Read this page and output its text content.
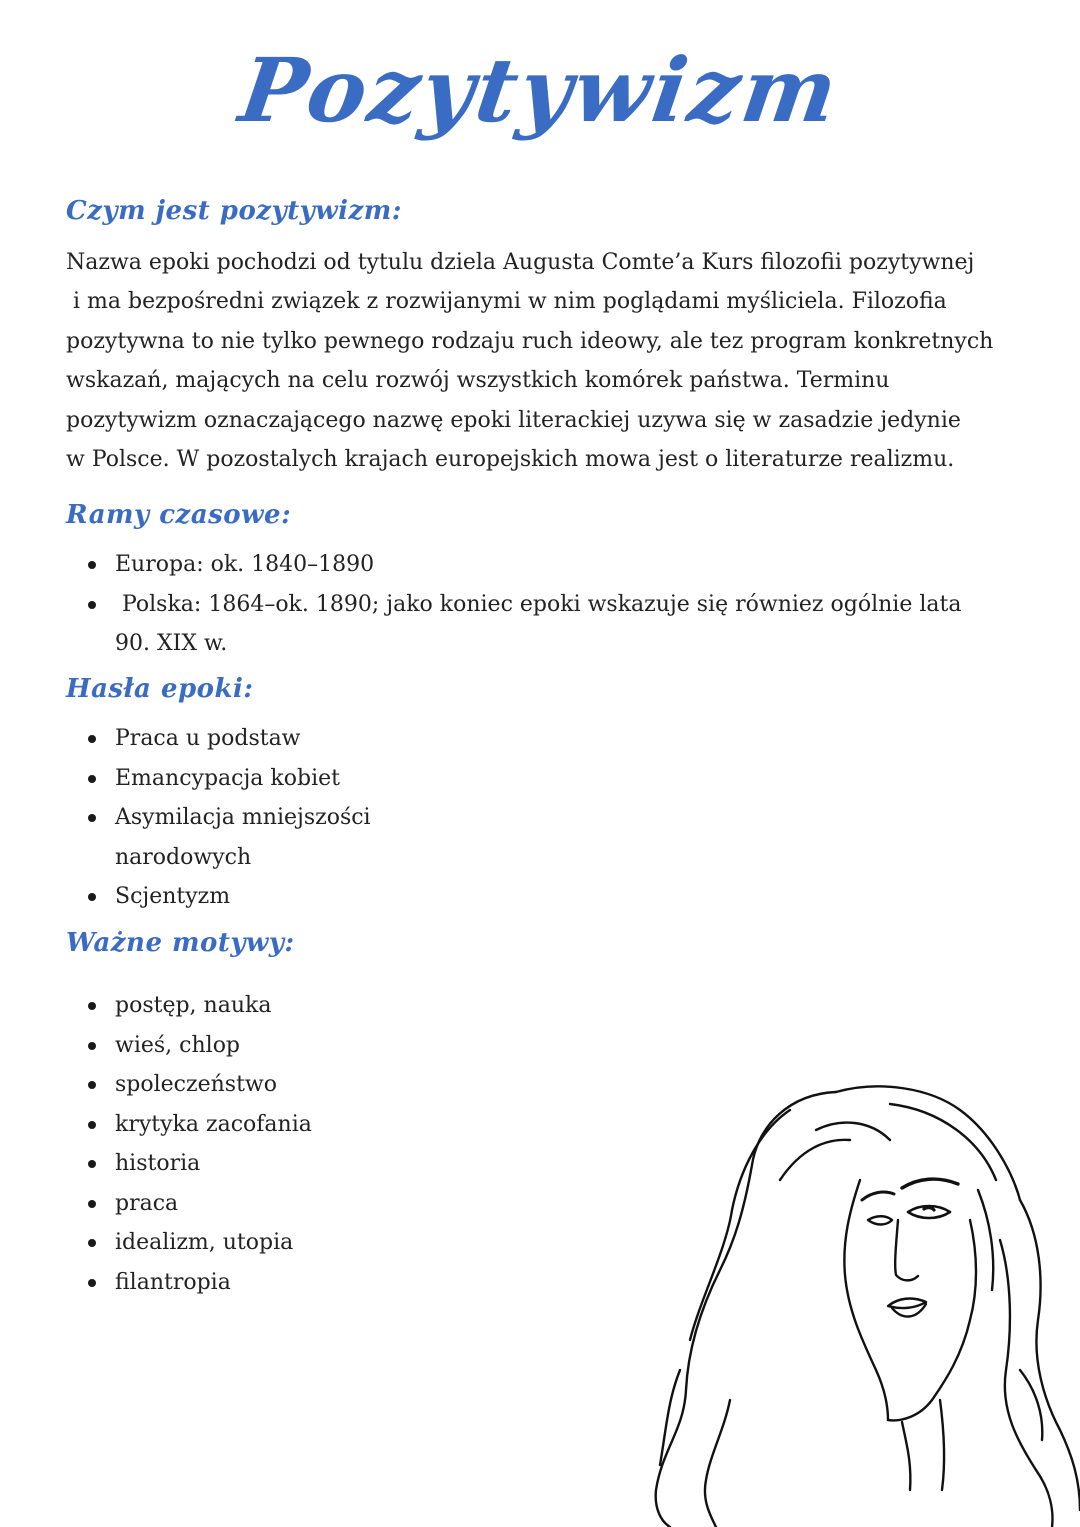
Pozytywizm
Czym jest pozytywizm:
Nazwa epoki pochodzi od tytulu dziela Augusta Comte’a Kurs filozofii pozytywnej
i ma bezpośredni związek z rozwijanymi w nim poglądami myśliciela. Filozofia
pozytywna to nie tylko pewnego rodzaju ruch ideowy, ale tez program konkretnych
wskazań, mających na celu rozwój wszystkich komórek państwa. Terminu
pozytywizm oznaczającego nazwę epoki literackiej uzywa się w zasadzie jedynie
w Polsce. W pozostalych krajach europejskich mowa jest o literaturze realizmu.
Ramy czasowe:
Europa: ok. 1840–1890
Polska: 1864–ok. 1890; jako koniec epoki wskazuje się równiez ogólnie lata
90. XIX w.
Hasła epoki:
Praca u podstaw
Emancypacja kobiet
Asymilacja mniejszości
narodowych
Scjentyzm
Ważne motywy:
postęp, nauka
wieś, chlop
spoleczeństwo
krytyka zacofania
historia
praca
idealizm, utopia
filantropia
